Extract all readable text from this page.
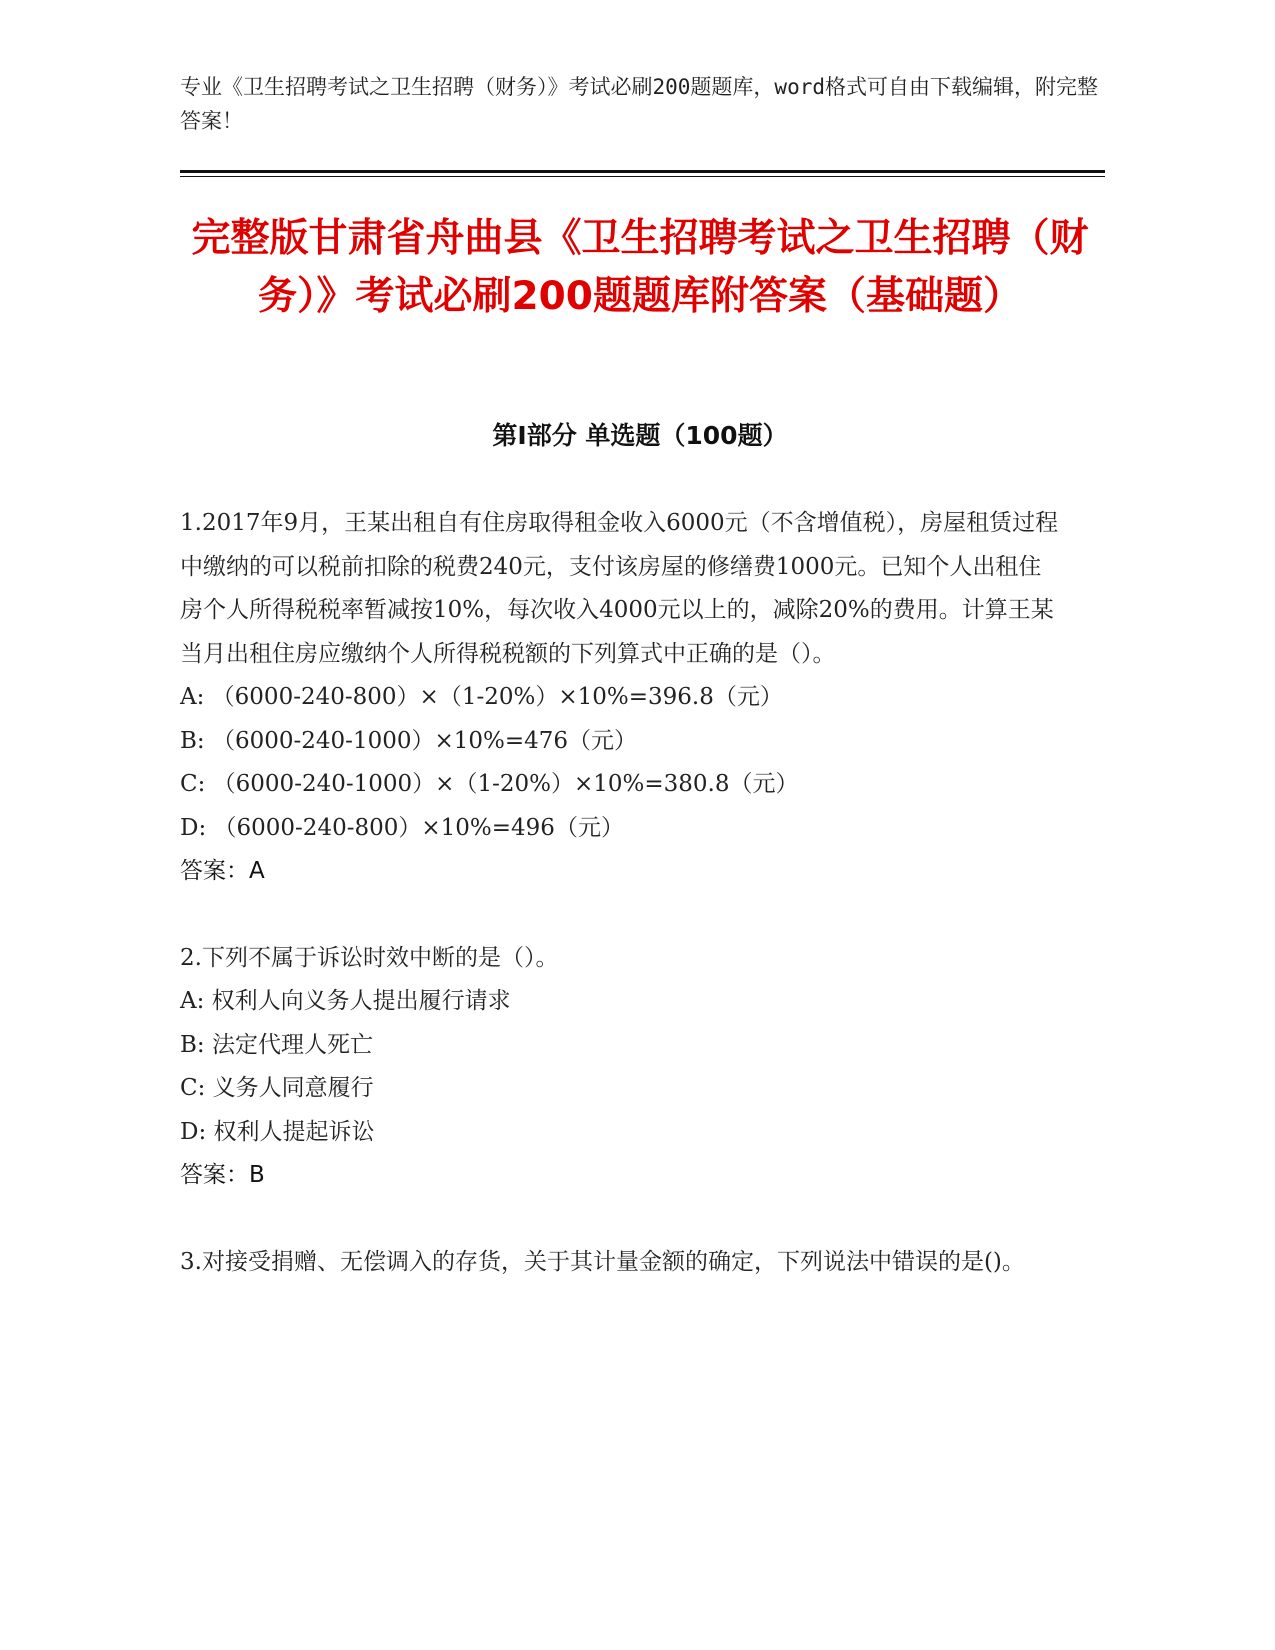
专业《卫生招聘考试之卫生招聘（财务）》考试必刷200题题库，word格式可自由下载编辑，附完整答案！
完整版甘肃省舟曲县《卫生招聘考试之卫生招聘（财务）》考试必刷200题题库附答案（基础题）
第Ⅰ部分 单选题（100题）

1.2017年9月，王某出租自有住房取得租金收入6000元（不含增值税），房屋租赁过程中缴纳的可以税前扣除的税费240元，支付该房屋的修缮费1000元。已知个人出租住房个人所得税税率暂减按10%，每次收入4000元以上的，减除20%的费用。计算王某当月出租住房应缴纳个人所得税税额的下列算式中正确的是（）。

A: （6000-240-800）×（1-20%）×10%=396.8（元）

B: （6000-240-1000）×10%=476（元）

C: （6000-240-1000）×（1-20%）×10%=380.8（元）

D: （6000-240-800）×10%=496（元）

答案：A

2.下列不属于诉讼时效中断的是（）。

A: 权利人向义务人提出履行请求

B: 法定代理人死亡

C: 义务人同意履行

D: 权利人提起诉讼

答案：B

3.对接受捐赠、无偿调入的存货，关于其计量金额的确定，下列说法中错误的是()。
